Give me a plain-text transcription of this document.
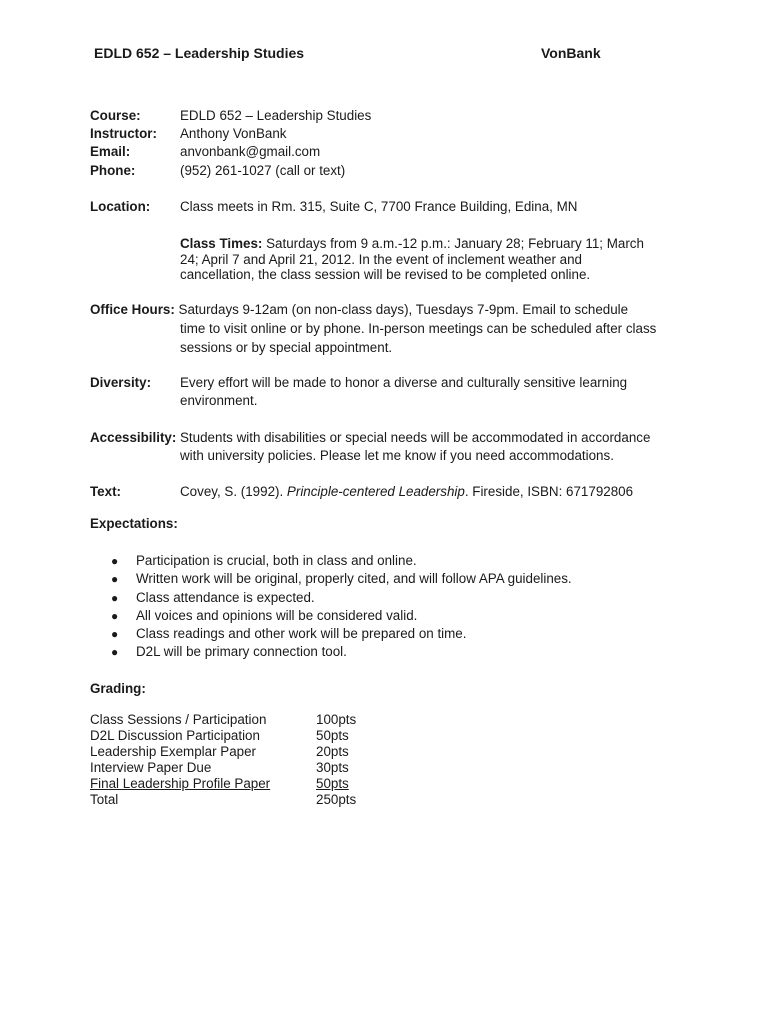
EDLD 652 – Leadership Studies	VonBank
Course:	EDLD 652 – Leadership Studies
Instructor: Anthony VonBank
Email:	anvonbank@gmail.com
Phone:	(952) 261-1027 (call or text)
Location: Class meets in Rm. 315, Suite C, 7700 France Building, Edina, MN
Class Times: Saturdays from 9 a.m.-12 p.m.: January 28; February 11; March
24; April 7 and April 21, 2012. In the event of inclement weather and
cancellation, the class session will be revised to be completed online.
Office Hours: Saturdays 9-12am (on non-class days), Tuesdays 7-9pm. Email to schedule
time to visit online or by phone. In-person meetings can be scheduled after class
sessions or by special appointment.
Diversity: Every effort will be made to honor a diverse and culturally sensitive learning
environment.
Accessibility: Students with disabilities or special needs will be accommodated in accordance
with university policies. Please let me know if you need accommodations.
Text:	Covey, S. (1992). Principle-centered Leadership. Fireside, ISBN: 671792806
Expectations:
● Participation is crucial, both in class and online.
● Written work will be original, properly cited, and will follow APA guidelines.
● Class attendance is expected.
● All voices and opinions will be considered valid.
● Class readings and other work will be prepared on time.
● D2L will be primary connection tool.
Grading:
Class Sessions / Participation	100pts
D2L Discussion Participation	50pts
Leadership Exemplar Paper	20pts
Interview Paper Due	30pts
Final Leadership Profile Paper	50pts
Total	250pts
